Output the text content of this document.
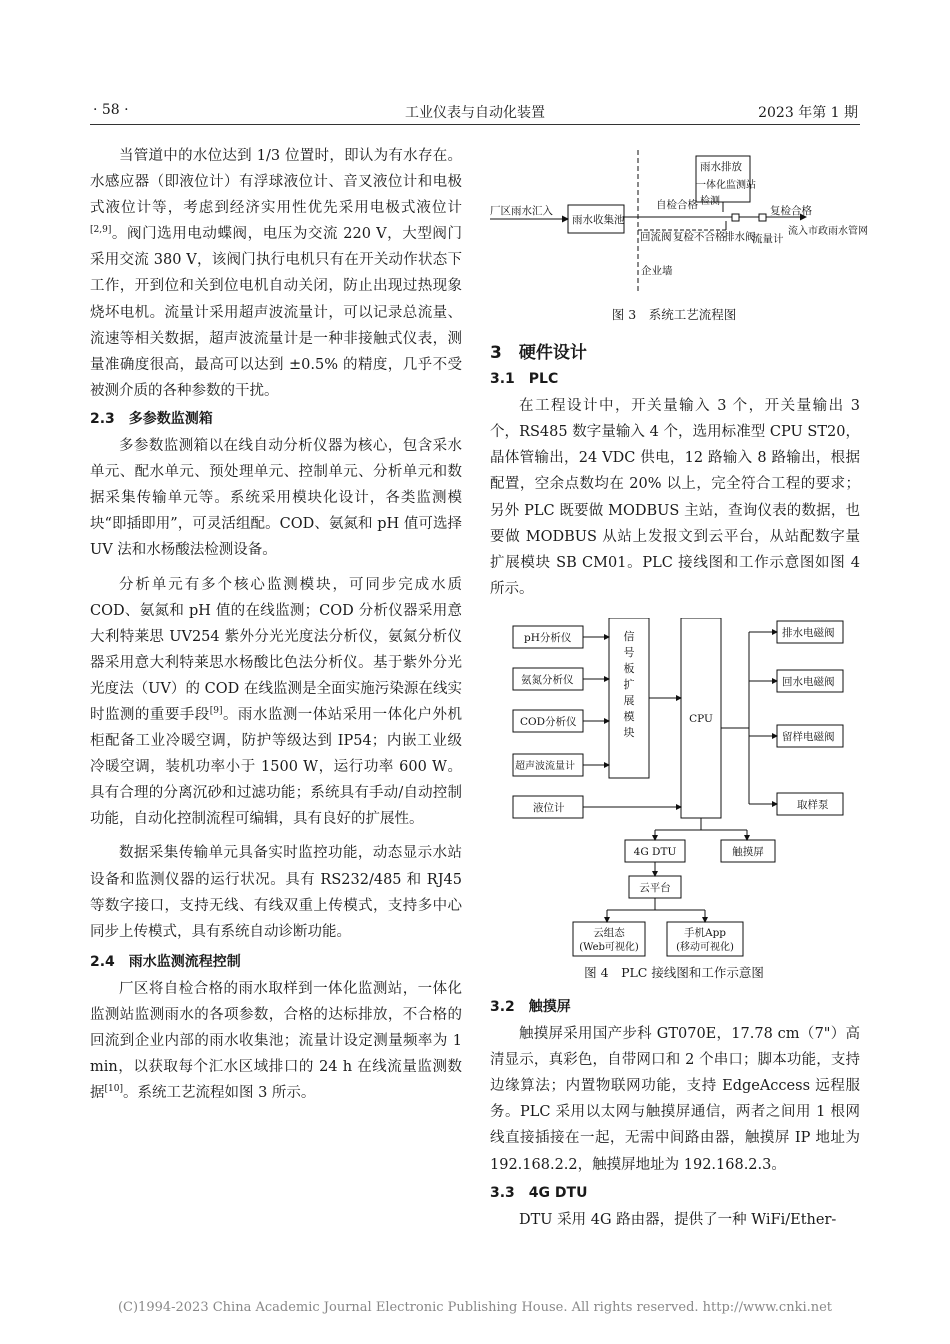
· 58 ·	工业仪表与自动化装置	2023 年第 1 期

当管道中的水位达到 1/3 位置时，即认为有水存在。水感应器（即液位计）有浮球液位计、音叉液位计和电极式液位计等，考虑到经济实用性优先采用电极式液位计[2,9]。阀门选用电动蝶阀，电压为交流 220 V，大型阀门采用交流 380 V，该阀门执行电机只有在开关动作状态下工作，开到位和关到位电机自动关闭，防止出现过热现象烧坏电机。流量计采用超声波流量计，可以记录总流量、流速等相关数据，超声波流量计是一种非接触式仪表，测量准确度很高，最高可以达到 ±0.5% 的精度，几乎不受被测介质的各种参数的干扰。

2.3　多参数监测箱

多参数监测箱以在线自动分析仪器为核心，包含采水单元、配水单元、预处理单元、控制单元、分析单元和数据采集传输单元等。系统采用模块化设计，各类监测模块“即插即用”，可灵活组配。COD、氨氮和 pH 值可选择 UV 法和水杨酸法检测设备。

分析单元有多个核心监测模块，可同步完成水质 COD、氨氮和 pH 值的在线监测；COD 分析仪器采用意大利特莱思 UV254 紫外分光光度法分析仪，氨氮分析仪器采用意大利特莱思水杨酸比色法分析仪。基于紫外分光光度法（UV）的 COD 在线监测是全面实施污染源在线实时监测的重要手段[9]。雨水监测一体站采用一体化户外机柜配备工业冷暖空调，防护等级达到 IP54；内嵌工业级冷暖空调，装机功率小于 1500 W，运行功率 600 W。具有合理的分离沉砂和过滤功能；系统具有手动/自动控制功能，自动化控制流程可编辑，具有良好的扩展性。

数据采集传输单元具备实时监控功能，动态显示水站设备和监测仪器的运行状况。具有 RS232/485 和 RJ45 等数字接口，支持无线、有线双重上传模式，支持多中心同步上传模式，具有系统自动诊断功能。

2.4　雨水监测流程控制

厂区将自检合格的雨水取样到一体化监测站，一体化监测站监测雨水的各项参数，合格的达标排放，不合格的回流到企业内部的雨水收集池；流量计设定测量频率为 1 min，以获取每个汇水区域排口的 24 h 在线流量监测数据[10]。系统工艺流程如图 3 所示。

雨水排放
一体化监测站
检测
厂区雨水汇入
雨水收集池
自检合格	复检合格
流入市政雨水管网
回流阀 复检不合格
排水阀
流量计
企业墙
图 3　系统工艺流程图

3　硬件设计

3.1　PLC

在工程设计中，开关量输入 3 个，开关量输出 3 个，RS485 数字量输入 4 个，选用标准型 CPU ST20，晶体管输出，24 VDC 供电，12 路输入 8 路输出，根据配置，空余点数均在 20% 以上，完全符合工程的要求；另外 PLC 既要做 MODBUS 主站，查询仪表的数据，也要做 MODBUS 从站上发报文到云平台，从站配数字量扩展模块 SB CM01。PLC 接线图和工作示意图如图 4 所示。

pH分析仪
氨氮分析仪
COD分析仪
超声波流量计
液位计
信号板扩展模块
CPU
排水电磁阀
回水电磁阀
留样电磁阀
取样泵
4G DTU	触摸屏
云平台
云组态
(Web可视化)
手机App
(移动可视化)
图 4　PLC 接线图和工作示意图

3.2　触摸屏

触摸屏采用国产步科 GT070E，17.78 cm（7"）高清显示，真彩色，自带网口和 2 个串口；脚本功能，支持边缘算法；内置物联网功能，支持 EdgeAccess 远程服务。PLC 采用以太网与触摸屏通信，两者之间用 1 根网线直接插接在一起，无需中间路由器，触摸屏 IP 地址为 192.168.2.2，触摸屏地址为 192.168.2.3。

3.3　4G DTU

DTU 采用 4G 路由器，提供了一种 WiFi/Ether-

(C)1994-2023 China Academic Journal Electronic Publishing House. All rights reserved. http://www.cnki.net
